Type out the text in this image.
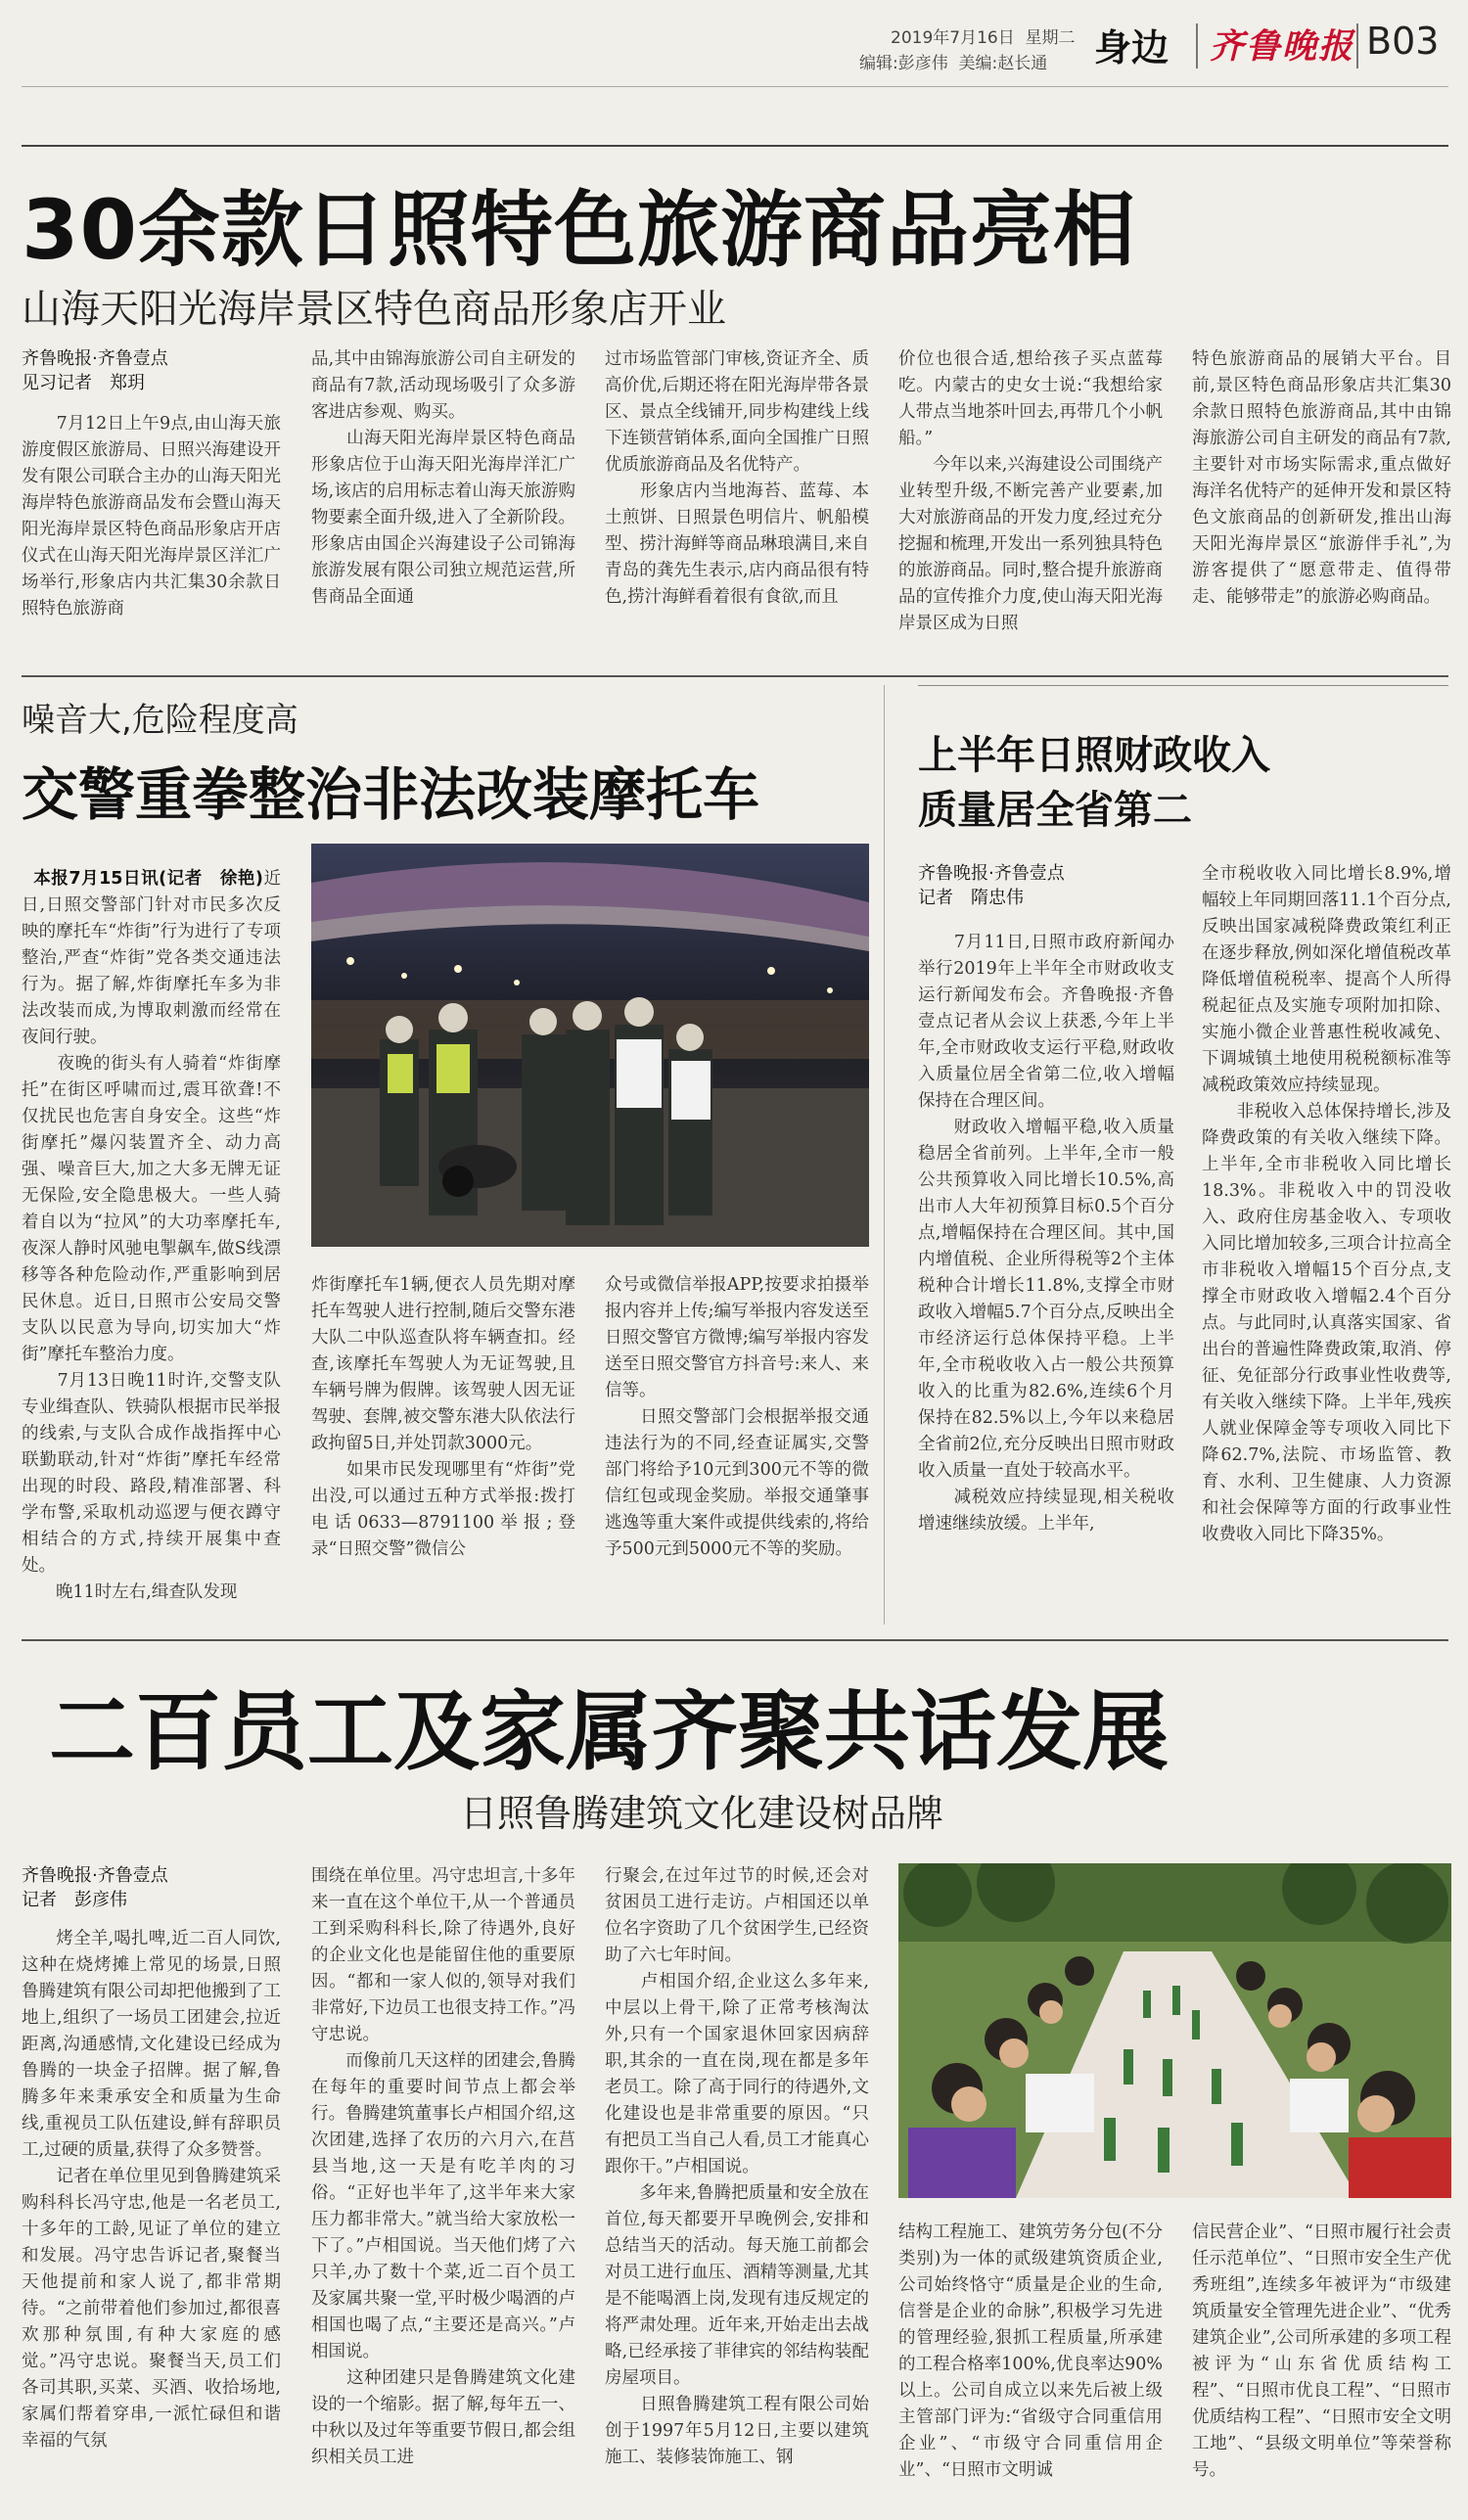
2019年7月16日 星期二
编辑:彭彦伟 美编:赵长通 身边 齐鲁晚报 B03
30余款日照特色旅游商品亮相
山海天阳光海岸景区特色商品形象店开业
齐鲁晚报·齐鲁壹点
见习记者　郑玥
　　7月12日上午9点,由山海天旅游度假区旅游局、日照兴海建设开发有限公司联合主办的山海天阳光海岸特色旅游商品发布会暨山海天阳光海岸景区特色商品形象店开店仪式在山海天阳光海岸景区洋汇广场举行,形象店内共汇集30余款日照特色旅游商
品,其中由锦海旅游公司自主研发的商品有7款,活动现场吸引了众多游客进店参观、购买。
　　山海天阳光海岸景区特色商品形象店位于山海天阳光海岸洋汇广场,该店的启用标志着山海天旅游购物要素全面升级,进入了全新阶段。形象店由国企兴海建设子公司锦海旅游发展有限公司独立规范运营,所售商品全面通
过市场监管部门审核,资证齐全、质高价优,后期还将在阳光海岸带各景区、景点全线铺开,同步构建线上线下连锁营销体系,面向全国推广日照优质旅游商品及名优特产。
　　形象店内当地海苔、蓝莓、本土煎饼、日照景色明信片、帆船模型、捞汁海鲜等商品琳琅满目,来自青岛的龚先生表示,店内商品很有特色,捞汁海鲜看着很有食欲,而且
价位也很合适,想给孩子买点蓝莓吃。内蒙古的史女士说:“我想给家人带点当地茶叶回去,再带几个小帆船。”
　　今年以来,兴海建设公司围绕产业转型升级,不断完善产业要素,加大对旅游商品的开发力度,经过充分挖掘和梳理,开发出一系列独具特色的旅游商品。同时,整合提升旅游商品的宣传推介力度,使山海天阳光海岸景区成为日照
特色旅游商品的展销大平台。目前,景区特色商品形象店共汇集30余款日照特色旅游商品,其中由锦海旅游公司自主研发的商品有7款,主要针对市场实际需求,重点做好海洋名优特产的延伸开发和景区特色文旅商品的创新研发,推出山海天阳光海岸景区“旅游伴手礼”,为游客提供了“愿意带走、值得带走、能够带走”的旅游必购商品。
噪音大,危险程度高
交警重拳整治非法改装摩托车

本报7月15日讯(记者　徐艳)近日,日照交警部门针对市民多次反映的摩托车“炸街”行为进行了专项整治,严查“炸街”党各类交通违法行为。据了解,炸街摩托车多为非法改装而成,为博取刺激而经常在夜间行驶。
　　夜晚的街头有人骑着“炸街摩托”在街区呼啸而过,震耳欲聋!不仅扰民也危害自身安全。这些“炸街摩托”爆闪装置齐全、动力高强、噪音巨大,加之大多无牌无证无保险,安全隐患极大。一些人骑着自以为“拉风”的大功率摩托车,夜深人静时风驰电掣飙车,做S线漂移等各种危险动作,严重影响到居民休息。近日,日照市公安局交警支队以民意为导向,切实加大“炸街”摩托车整治力度。
　　7月13日晚11时许,交警支队专业缉查队、铁骑队根据市民举报的线索,与支队合成作战指挥中心联勤联动,针对“炸街”摩托车经常出现的时段、路段,精准部署、科学布警,采取机动巡逻与便衣蹲守相结合的方式,持续开展集中查处。
　　晚11时左右,缉查队发现

炸街摩托车1辆,便衣人员先期对摩托车驾驶人进行控制,随后交警东港大队二中队巡查队将车辆查扣。经查,该摩托车驾驶人为无证驾驶,且车辆号牌为假牌。该驾驶人因无证驾驶、套牌,被交警东港大队依法行政拘留5日,并处罚款3000元。
　　如果市民发现哪里有“炸街”党出没,可以通过五种方式举报:拨打电话0633—8791100举报;登录“日照交警”微信公
众号或微信举报APP,按要求拍摄举报内容并上传;编写举报内容发送至日照交警官方微博;编写举报内容发送至日照交警官方抖音号:来人、来信等。
　　日照交警部门会根据举报交通违法行为的不同,经查证属实,交警部门将给予10元到300元不等的微信红包或现金奖励。举报交通肇事逃逸等重大案件或提供线索的,将给予500元到5000元不等的奖励。
上半年日照财政收入
质量居全省第二
齐鲁晚报·齐鲁壹点
记者　隋忠伟
　　7月11日,日照市政府新闻办举行2019年上半年全市财政收支运行新闻发布会。齐鲁晚报·齐鲁壹点记者从会议上获悉,今年上半年,全市财政收支运行平稳,财政收入质量位居全省第二位,收入增幅保持在合理区间。
　　财政收入增幅平稳,收入质量稳居全省前列。上半年,全市一般公共预算收入同比增长10.5%,高出市人大年初预算目标0.5个百分点,增幅保持在合理区间。其中,国内增值税、企业所得税等2个主体税种合计增长11.8%,支撑全市财政收入增幅5.7个百分点,反映出全市经济运行总体保持平稳。上半年,全市税收收入占一般公共预算收入的比重为82.6%,连续6个月保持在82.5%以上,今年以来稳居全省前2位,充分反映出日照市财政收入质量一直处于较高水平。
　　减税效应持续显现,相关税收增速继续放缓。上半年,
全市税收收入同比增长8.9%,增幅较上年同期回落11.1个百分点,反映出国家减税降费政策红利正在逐步释放,例如深化增值税改革降低增值税税率、提高个人所得税起征点及实施专项附加扣除、实施小微企业普惠性税收减免、下调城镇土地使用税税额标准等减税政策效应持续显现。
　　非税收入总体保持增长,涉及降费政策的有关收入继续下降。上半年,全市非税收入同比增长18.3%。非税收入中的罚没收入、政府住房基金收入、专项收入同比增加较多,三项合计拉高全市非税收入增幅15个百分点,支撑全市财政收入增幅2.4个百分点。与此同时,认真落实国家、省出台的普遍性降费政策,取消、停征、免征部分行政事业性收费等,有关收入继续下降。上半年,残疾人就业保障金等专项收入同比下降62.7%,法院、市场监管、教育、水利、卫生健康、人力资源和社会保障等方面的行政事业性收费收入同比下降35%。
二百员工及家属齐聚共话发展
日照鲁腾建筑文化建设树品牌
齐鲁晚报·齐鲁壹点
记者　彭彦伟
　　烤全羊,喝扎啤,近二百人同饮,这种在烧烤摊上常见的场景,日照鲁腾建筑有限公司却把他搬到了工地上,组织了一场员工团建会,拉近距离,沟通感情,文化建设已经成为鲁腾的一块金子招牌。据了解,鲁腾多年来秉承安全和质量为生命线,重视员工队伍建设,鲜有辞职员工,过硬的质量,获得了众多赞誉。
　　记者在单位里见到鲁腾建筑采购科科长冯守忠,他是一名老员工,十多年的工龄,见证了单位的建立和发展。冯守忠告诉记者,聚餐当天他提前和家人说了,都非常期待。“之前带着他们参加过,都很喜欢那种氛围,有种大家庭的感觉。”冯守忠说。聚餐当天,员工们各司其职,买菜、买酒、收拾场地,家属们帮着穿串,一派忙碌但和谐幸福的气氛
围绕在单位里。冯守忠坦言,十多年来一直在这个单位干,从一个普通员工到采购科科长,除了待遇外,良好的企业文化也是能留住他的重要原因。“都和一家人似的,领导对我们非常好,下边员工也很支持工作。”冯守忠说。
　　而像前几天这样的团建会,鲁腾在每年的重要时间节点上都会举行。鲁腾建筑董事长卢相国介绍,这次团建,选择了农历的六月六,在莒县当地,这一天是有吃羊肉的习俗。“正好也半年了,这半年来大家压力都非常大。”就当给大家放松一下了。”卢相国说。当天他们烤了六只羊,办了数十个菜,近二百个员工及家属共聚一堂,平时极少喝酒的卢相国也喝了点,“主要还是高兴。”卢相国说。
　　这种团建只是鲁腾建筑文化建设的一个缩影。据了解,每年五一、中秋以及过年等重要节假日,都会组织相关员工进
行聚会,在过年过节的时候,还会对贫困员工进行走访。卢相国还以单位名字资助了几个贫困学生,已经资助了六七年时间。
　　卢相国介绍,企业这么多年来,中层以上骨干,除了正常考核淘汰外,只有一个国家退休回家因病辞职,其余的一直在岗,现在都是多年老员工。除了高于同行的待遇外,文化建设也是非常重要的原因。“只有把员工当自己人看,员工才能真心跟你干。”卢相国说。
　　多年来,鲁腾把质量和安全放在首位,每天都要开早晚例会,安排和总结当天的活动。每天施工前都会对员工进行血压、酒精等测量,尤其是不能喝酒上岗,发现有违反规定的将严肃处理。近年来,开始走出去战略,已经承接了菲律宾的邻结构装配房屋项目。
　　日照鲁腾建筑工程有限公司始创于1997年5月12日,主要以建筑施工、装修装饰施工、钢
结构工程施工、建筑劳务分包(不分类别)为一体的贰级建筑资质企业,公司始终恪守“质量是企业的生命,信誉是企业的命脉”,积极学习先进的管理经验,狠抓工程质量,所承建的工程合格率100%,优良率达90%以上。公司自成立以来先后被上级主管部门评为:“省级守合同重信用企业”、“市级守合同重信用企业”、“日照市文明诚
信民营企业”、“日照市履行社会责任示范单位”、“日照市安全生产优秀班组”,连续多年被评为“市级建筑质量安全管理先进企业”、“优秀建筑企业”,公司所承建的多项工程被评为“山东省优质结构工程”、“日照市优良工程”、“日照市优质结构工程”、“日照市安全文明工地”、“县级文明单位”等荣誉称号。
